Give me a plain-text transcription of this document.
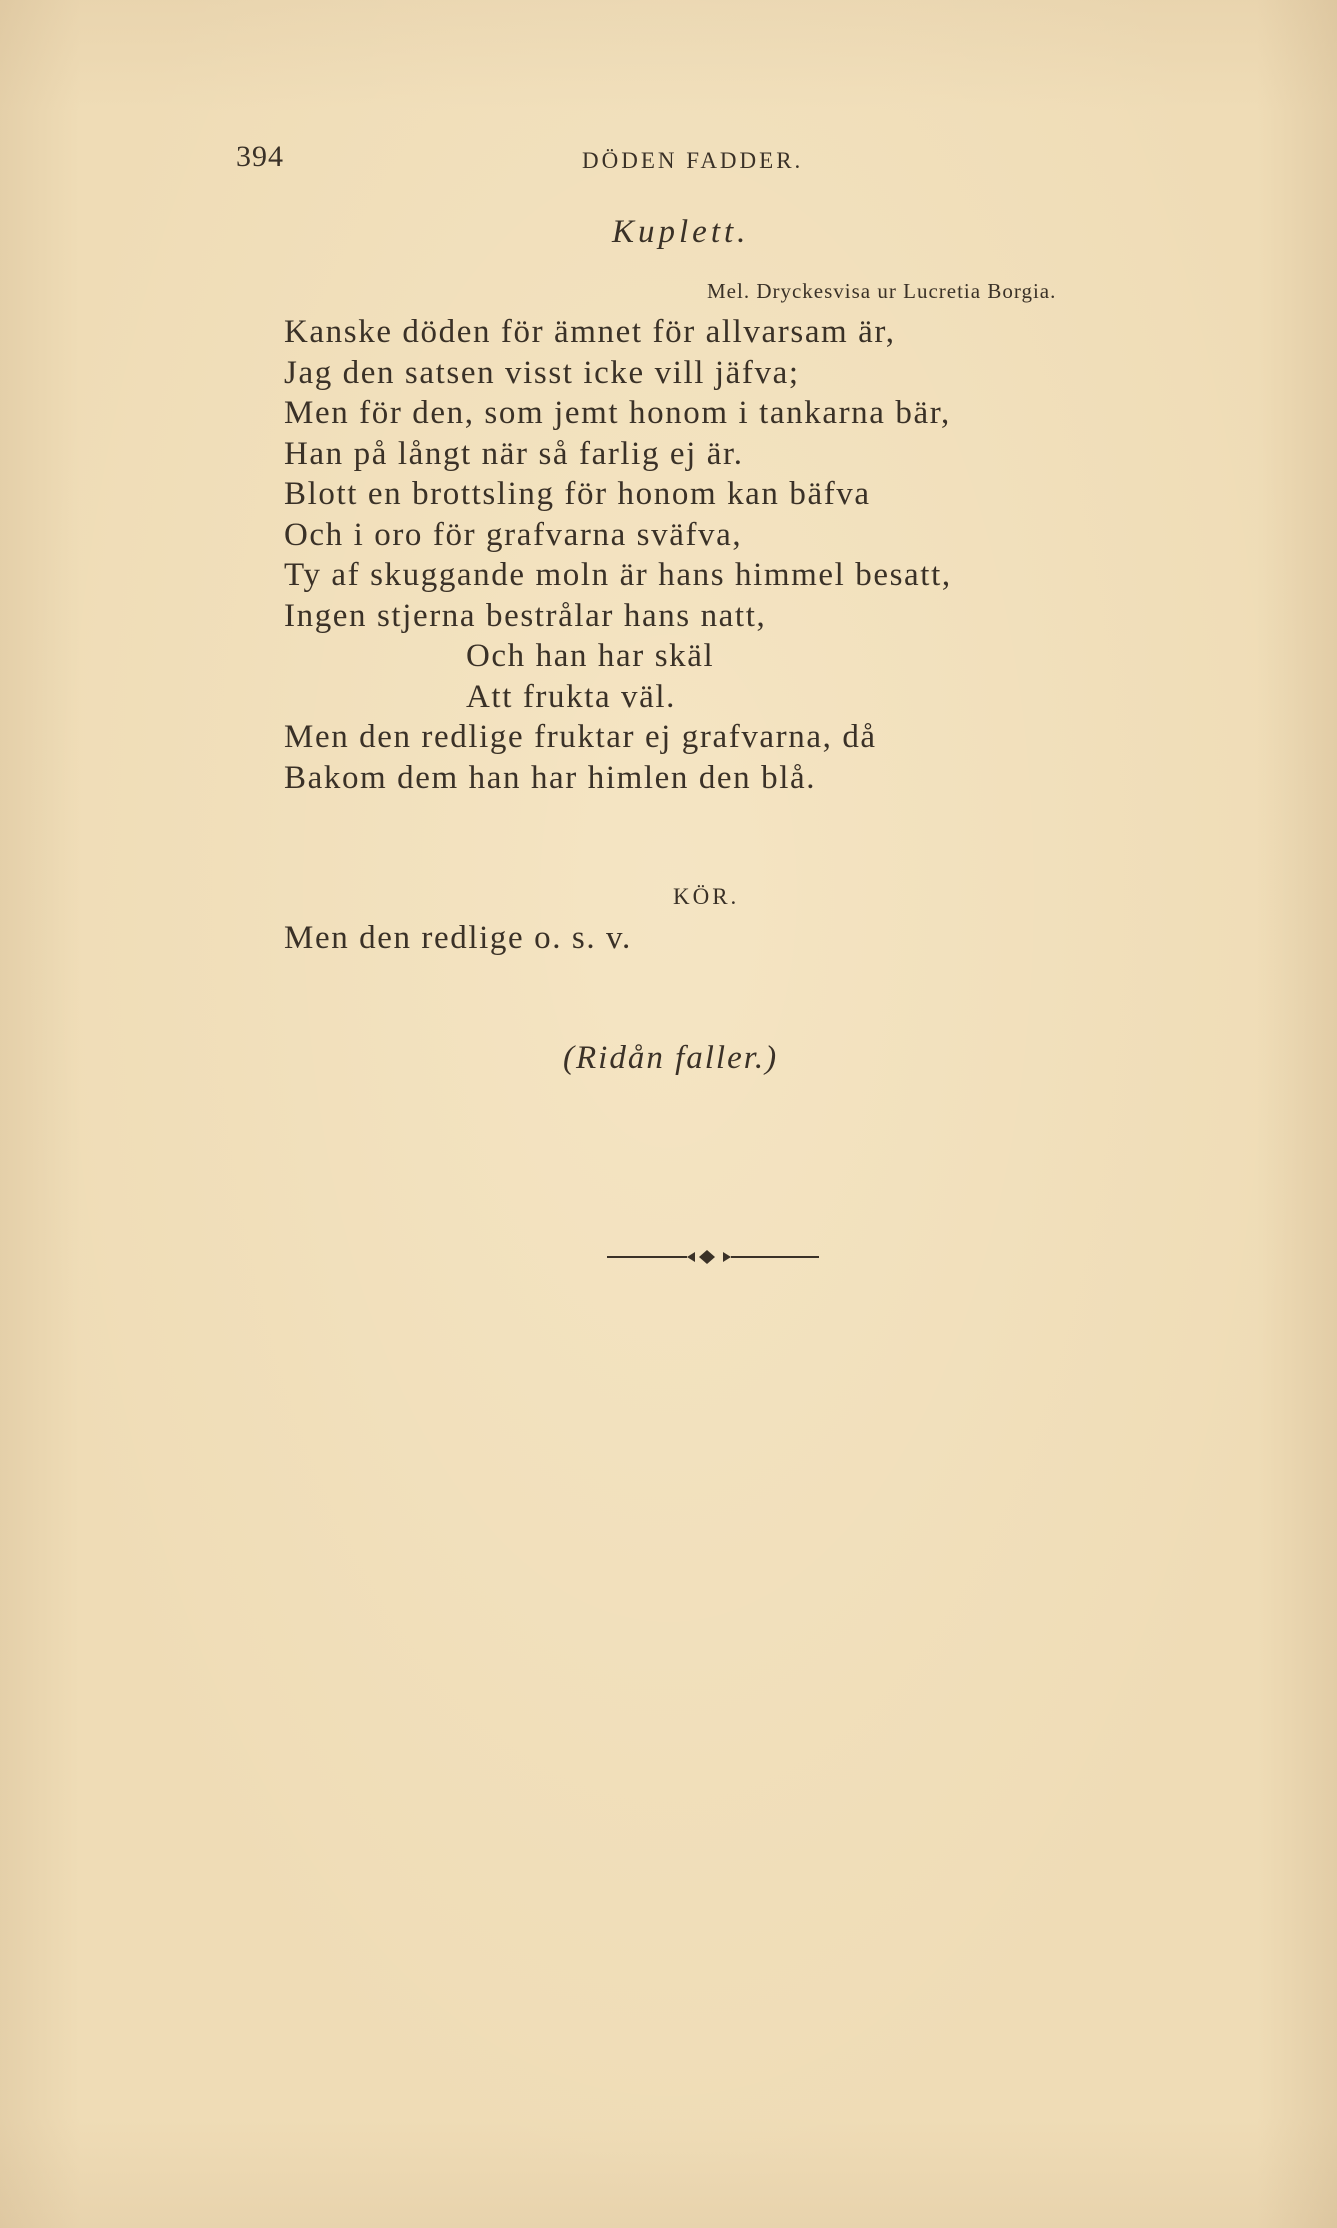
394	DÖDEN FADDER.
Kuplett.
Mel. Dryckesvisa ur Lucretia Borgia.
Kanske döden för ämnet för allvarsam är,
Jag den satsen visst icke vill jäfva;
Men för den, som jemt honom i tankarna bär,
Han på långt när så farlig ej är.
Blott en brottsling för honom kan bäfva
Och i oro för grafvarna sväfva,
Ty af skuggande moln är hans himmel besatt,
Ingen stjerna bestrålar hans natt,
Och han har skäl
Att frukta väl.
Men den redlige fruktar ej grafvarna, då
Bakom dem han har himlen den blå.
KÖR.
Men den redlige o. s. v.
(Ridån faller.)
